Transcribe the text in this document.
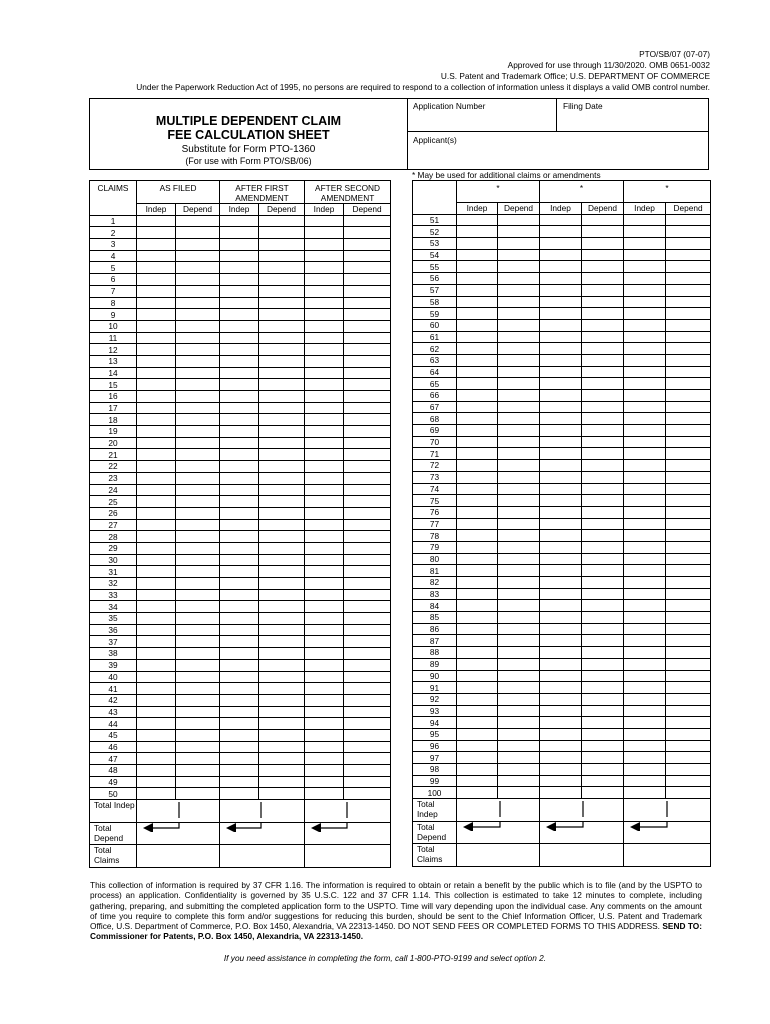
PTO/SB/07 (07-07)
Approved for use through 11/30/2020. OMB 0651-0032
U.S. Patent and Trademark Office; U.S. DEPARTMENT OF COMMERCE
Under the Paperwork Reduction Act of 1995, no persons are required to respond to a collection of information unless it displays a valid OMB control number.
MULTIPLE DEPENDENT CLAIM
FEE CALCULATION SHEET
Substitute for Form PTO-1360
(For use with Form PTO/SB/06)
Application Number	Filing Date
Applicant(s)
* May be used for additional claims or amendments
CLAIMS	AS FILED		AFTER FIRST AMENDMENT		AFTER SECOND AMENDMENT	
	Indep	Depend	Indep	Depend	Indep	Depend
1						
2						
3						
4						
5						
6						
7						
8						
9						
10						
11						
12						
13						
14						
15						
16						
17						
18						
19						
20						
21						
22						
23						
24						
25						
26						
27						
28						
29						
30						
31						
32						
33						
34						
35						
36						
37						
38						
39						
40						
41						
42						
43						
44						
45						
46						
47						
48						
49						
50						
Total Indep	

Total Depend	

Total Claims						
	*		*		*	
	Indep	Depend	Indep	Depend	Indep	Depend
51						
52						
53						
54						
55						
56						
57						
58						
59						
60						
61						
62						
63						
64						
65						
66						
67						
68						
69						
70						
71						
72						
73						
74						
75						
76						
77						
78						
79						
80						
81						
82						
83						
84						
85						
86						
87						
88						
89						
90						
91						
92						
93						
94						
95						
96						
97						
98						
99						
100						
Total Indep	

Total Depend	

Total Claims						
This collection of information is required by 37 CFR 1.16. The information is required to obtain or retain a benefit by the public which is to file (and by the USPTO to process) an application. Confidentiality is governed by 35 U.S.C. 122 and 37 CFR 1.14. This collection is estimated to take 12 minutes to complete, including gathering, preparing, and submitting the completed application form to the USPTO. Time will vary depending upon the individual case. Any comments on the amount of time you require to complete this form and/or suggestions for reducing this burden, should be sent to the Chief Information Officer, U.S. Patent and Trademark Office, U.S. Department of Commerce, P.O. Box 1450, Alexandria, VA 22313-1450. DO NOT SEND FEES OR COMPLETED FORMS TO THIS ADDRESS. SEND TO: Commissioner for Patents, P.O. Box 1450, Alexandria, VA 22313-1450.
If you need assistance in completing the form, call 1-800-PTO-9199 and select option 2.
